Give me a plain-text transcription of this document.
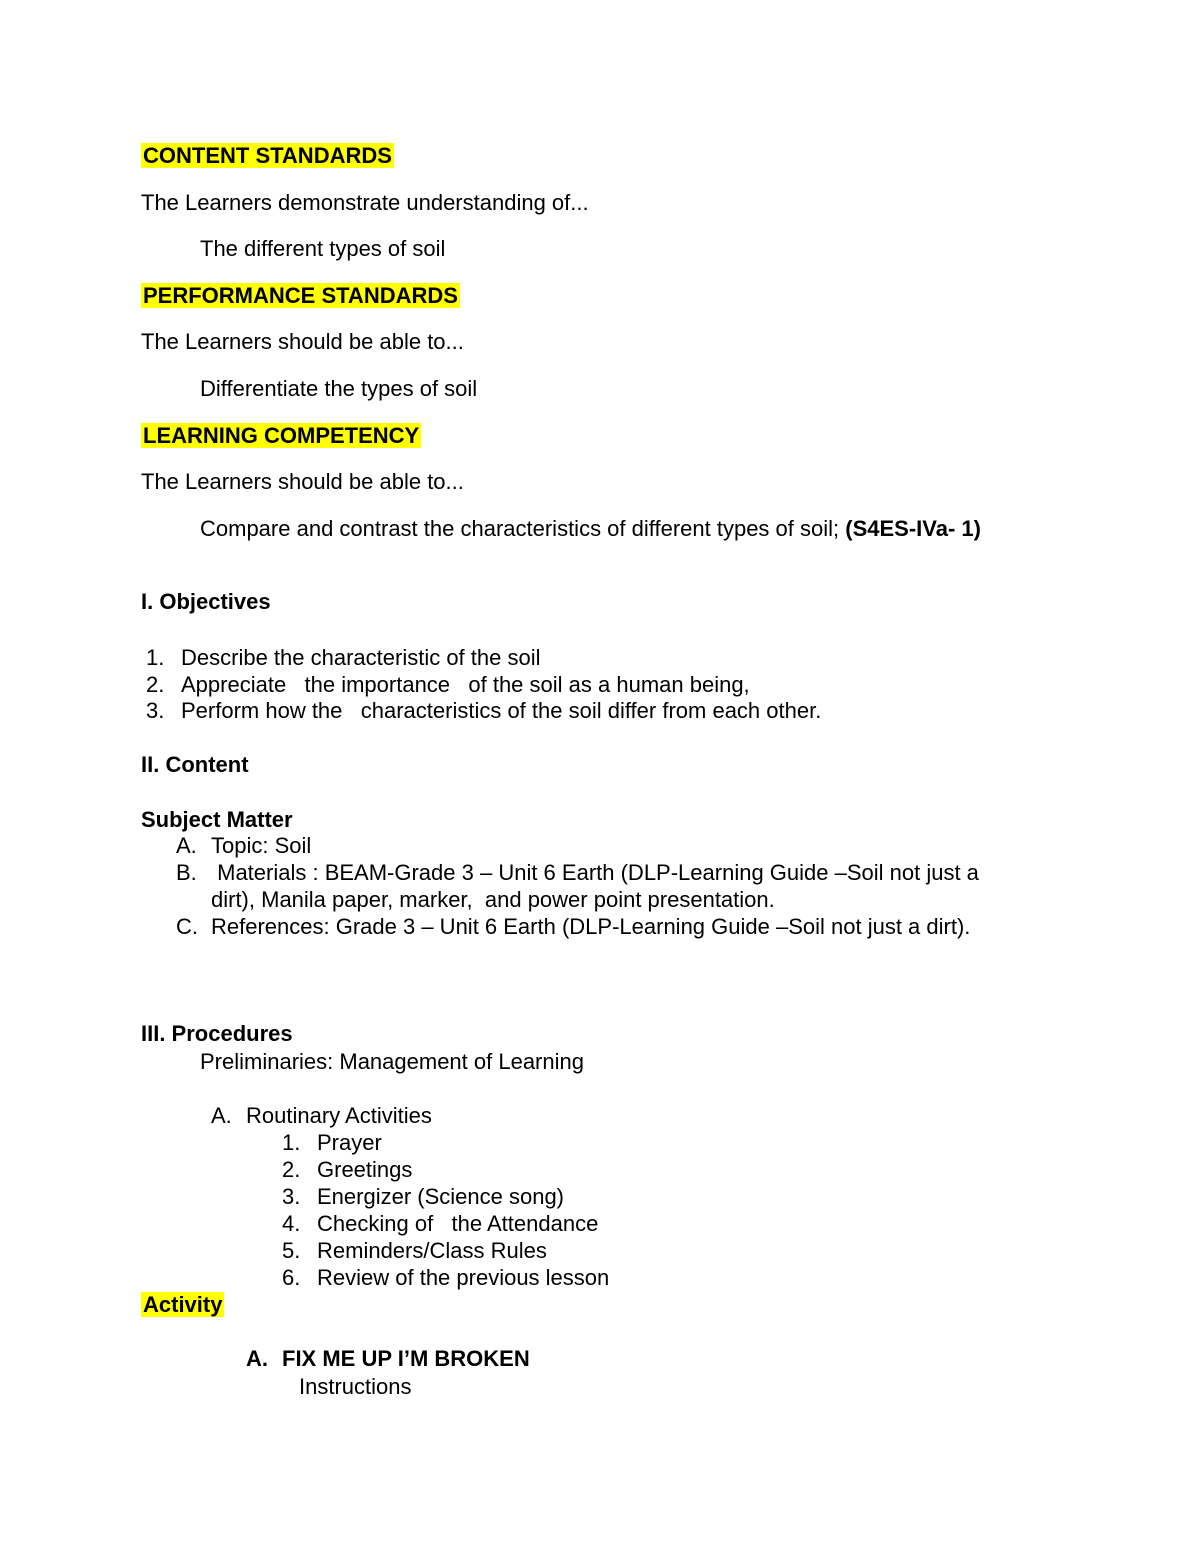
CONTENT STANDARDS
The Learners demonstrate understanding of...
The different types of soil
PERFORMANCE STANDARDS
The Learners should be able to...
Differentiate the types of soil
LEARNING COMPETENCY
The Learners should be able to...
Compare and contrast the characteristics of different types of soil; (S4ES-IVa- 1)
I. Objectives
1. Describe the characteristic of the soil
2. Appreciate   the importance   of the soil as a human being,
3. Perform how the   characteristics of the soil differ from each other.
II. Content
Subject Matter
A. Topic: Soil
B. Materials : BEAM-Grade 3 – Unit 6 Earth (DLP-Learning Guide –Soil not just a
dirt), Manila paper, marker,  and power point presentation.
C. References: Grade 3 – Unit 6 Earth (DLP-Learning Guide –Soil not just a dirt).
III. Procedures
Preliminaries: Management of Learning
A. Routinary Activities
1. Prayer
2. Greetings
3. Energizer (Science song)
4. Checking of   the Attendance
5. Reminders/Class Rules
6. Review of the previous lesson
Activity
A. FIX ME UP I’M BROKEN
Instructions
